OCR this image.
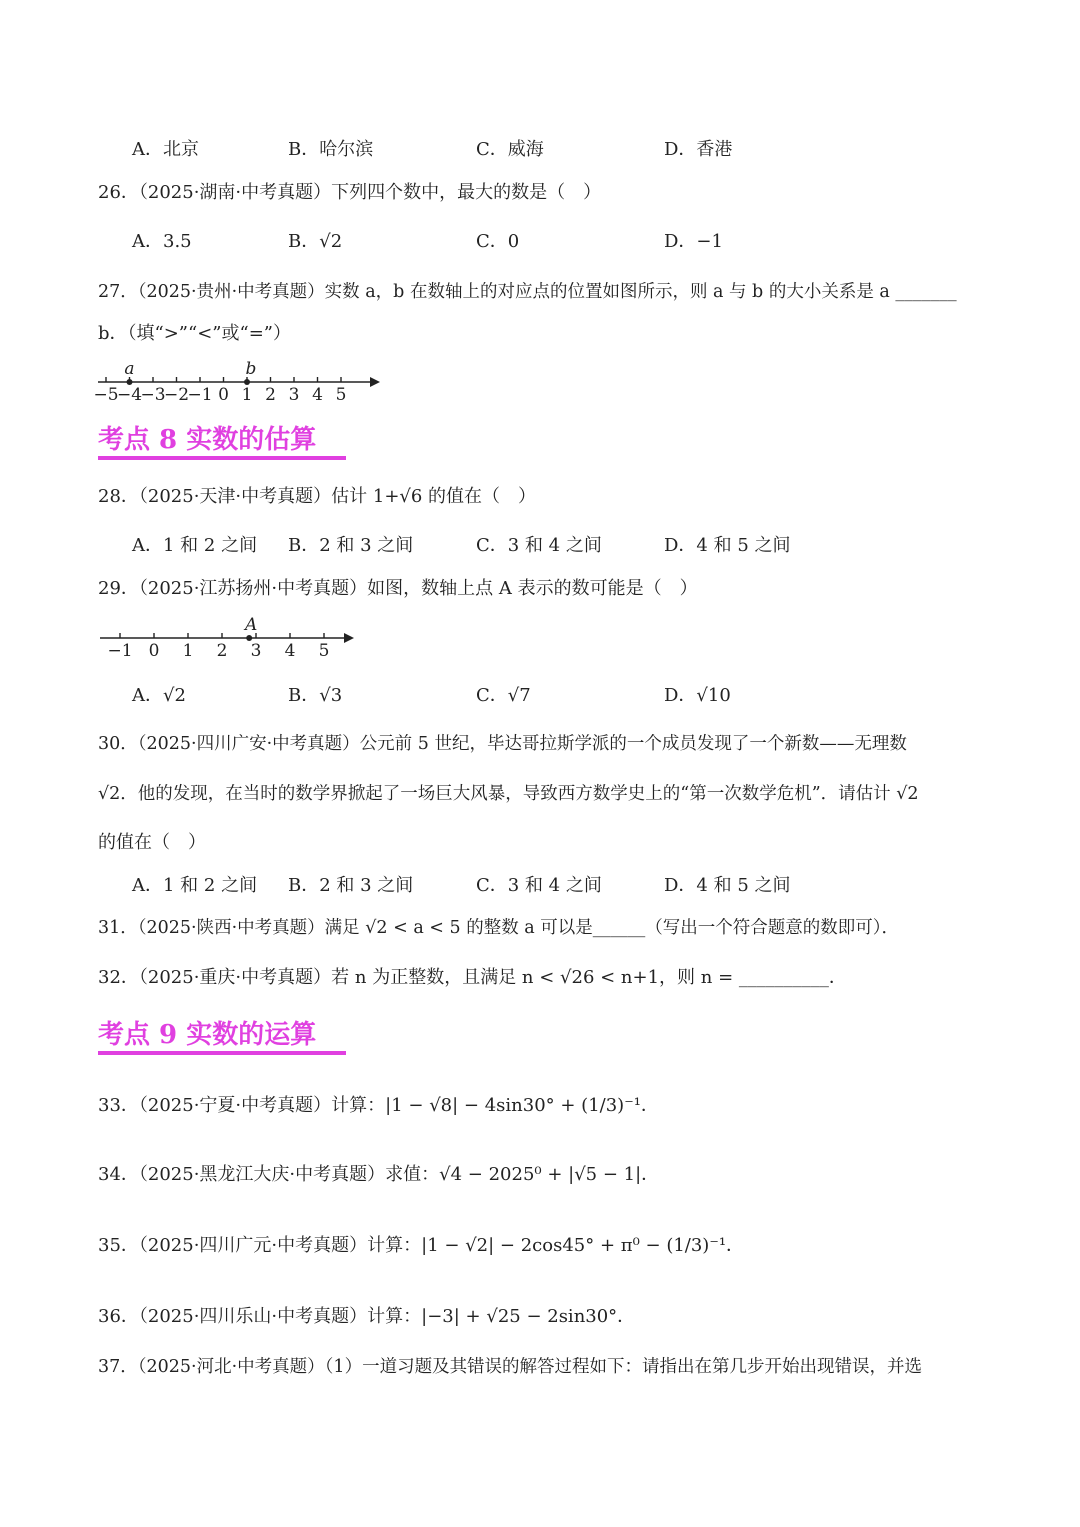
A．北京	B．哈尔滨	C．威海	D．香港
26．（2025·湖南·中考真题）下列四个数中，最大的数是（　）
A．3.5	B．√2	C．0	D．−1
27．（2025·贵州·中考真题）实数 a，b 在数轴上的对应点的位置如图所示，则 a 与 b 的大小关系是 a _______
b．（填“>”“<”或“=”）
−5
−4
−3
−2
−1 0 1 2 3 4 5
a	b
考点 8 实数的估算
28．（2025·天津·中考真题）估计 1+√6 的值在（　）
A．1 和 2 之间 B．2 和 3 之间	C．3 和 4 之间	D．4 和 5 之间
29．（2025·江苏扬州·中考真题）如图，数轴上点 A 表示的数可能是（　）
−1 0 1 2 3 4 5
A
A．√2	B．√3	C．√7	D．√10
30．（2025·四川广安·中考真题）公元前 5 世纪，毕达哥拉斯学派的一个成员发现了一个新数——无理数
√2．他的发现，在当时的数学界掀起了一场巨大风暴，导致西方数学史上的“第一次数学危机”．请估计 √2
的值在（　）
A．1 和 2 之间 B．2 和 3 之间	C．3 和 4 之间	D．4 和 5 之间
31．（2025·陕西·中考真题）满足 √2 < a < 5 的整数 a 可以是______（写出一个符合题意的数即可）．
32．（2025·重庆·中考真题）若 n 为正整数，且满足 n < √26 < n+1，则 n = __________．
考点 9 实数的运算
33．（2025·宁夏·中考真题）计算：|1 − √8| − 4sin30° + (1/3)⁻¹．
34．（2025·黑龙江大庆·中考真题）求值：√4 − 2025⁰ + |√5 − 1|．
35．（2025·四川广元·中考真题）计算：|1 − √2| − 2cos45° + π⁰ − (1/3)⁻¹．
36．（2025·四川乐山·中考真题）计算：|−3| + √25 − 2sin30°．
37．（2025·河北·中考真题）（1）一道习题及其错误的解答过程如下：请指出在第几步开始出现错误，并选
